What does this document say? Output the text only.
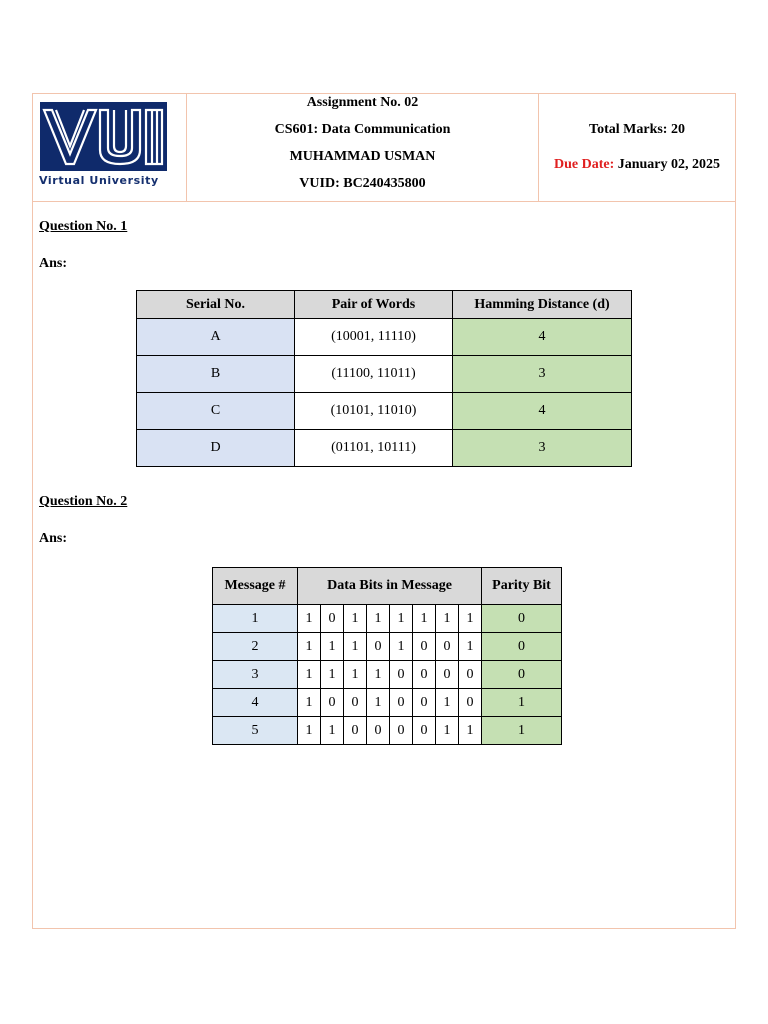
Virtual University
Assignment No. 02
CS601: Data Communication
MUHAMMAD USMAN
VUID: BC240435800
Total Marks: 20
Due Date: January 02, 2025
Question No. 1
Ans:
Serial No.	Pair of Words	Hamming Distance (d)
A	(10001, 11110)	4
B	(11100, 11011)	3
C	(10101, 11010)	4
D	(01101, 10111)	3
Question No. 2
Ans:
Message #	Data Bits in Message								Parity Bit
1	1	0	1	1	1	1	1	1	0
2	1	1	1	0	1	0	0	1	0
3	1	1	1	1	0	0	0	0	0
4	1	0	0	1	0	0	1	0	1
5	1	1	0	0	0	0	1	1	1
